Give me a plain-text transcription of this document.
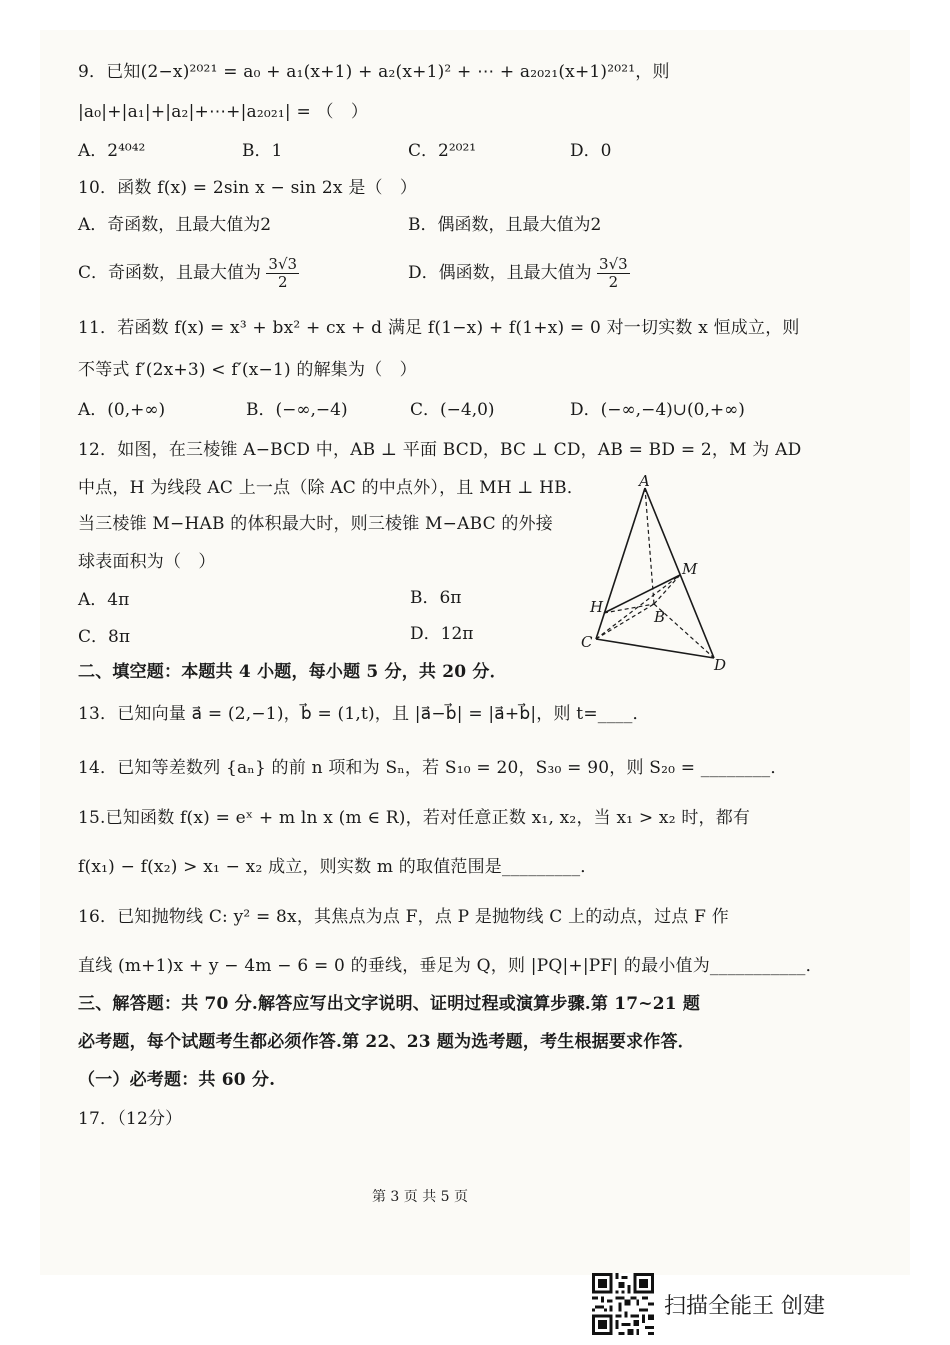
9．已知(2−x)²⁰²¹ = a₀ + a₁(x+1) + a₂(x+1)² + ⋯ + a₂₀₂₁(x+1)²⁰²¹，则
|a₀|+|a₁|+|a₂|+⋯+|a₂₀₂₁| = （　）
A．2⁴⁰⁴²	B．1	C．2²⁰²¹	D．0
10．函数 f(x) = 2sin x − sin 2x 是（　）
A．奇函数，且最大值为2	B．偶函数，且最大值为2
C．奇函数，且最大值为 $\frac{3√3}{2}$	D．偶函数，且最大值为 $\frac{3√3}{2}$
11．若函数 f(x) = x³ + bx² + cx + d 满足 f(1−x) + f(1+x) = 0 对一切实数 x 恒成立，则
不等式 f′(2x+3) < f′(x−1) 的解集为（　）
A．(0,+∞)	B．(−∞,−4)	C．(−4,0)	D．(−∞,−4)∪(0,+∞)
12．如图，在三棱锥 A−BCD 中，AB ⊥ 平面 BCD，BC ⊥ CD，AB = BD = 2，M 为 AD
中点，H 为线段 AC 上一点（除 AC 的中点外），且 MH ⊥ HB．
当三棱锥 M−HAB 的体积最大时，则三棱锥 M−ABC 的外接
球表面积为（　）
A．4π	B．6π
C．8π	D．12π
A
M
H
B
C
D
二、填空题：本题共 4 小题，每小题 5 分，共 20 分．
13．已知向量 a⃗ = (2,−1)，b⃗ = (1,t)，且 |a⃗−b⃗| = |a⃗+b⃗|，则 t=____．
14．已知等差数列 {aₙ} 的前 n 项和为 Sₙ，若 S₁₀ = 20，S₃₀ = 90，则 S₂₀ = ________．
15.已知函数 f(x) = eˣ + m ln x (m ∈ R)，若对任意正数 x₁, x₂，当 x₁ > x₂ 时，都有
f(x₁) − f(x₂) > x₁ − x₂ 成立，则实数 m 的取值范围是_________．
16．已知抛物线 C: y² = 8x，其焦点为点 F，点 P 是抛物线 C 上的动点，过点 F 作
直线 (m+1)x + y − 4m − 6 = 0 的垂线，垂足为 Q，则 |PQ|+|PF| 的最小值为___________．
三、解答题：共 70 分.解答应写出文字说明、证明过程或演算步骤.第 17~21 题
必考题，每个试题考生都必须作答.第 22、23 题为选考题，考生根据要求作答．
（一）必考题：共 60 分.
17．（12分）
第 3 页 共 5 页
扫描全能王 创建
